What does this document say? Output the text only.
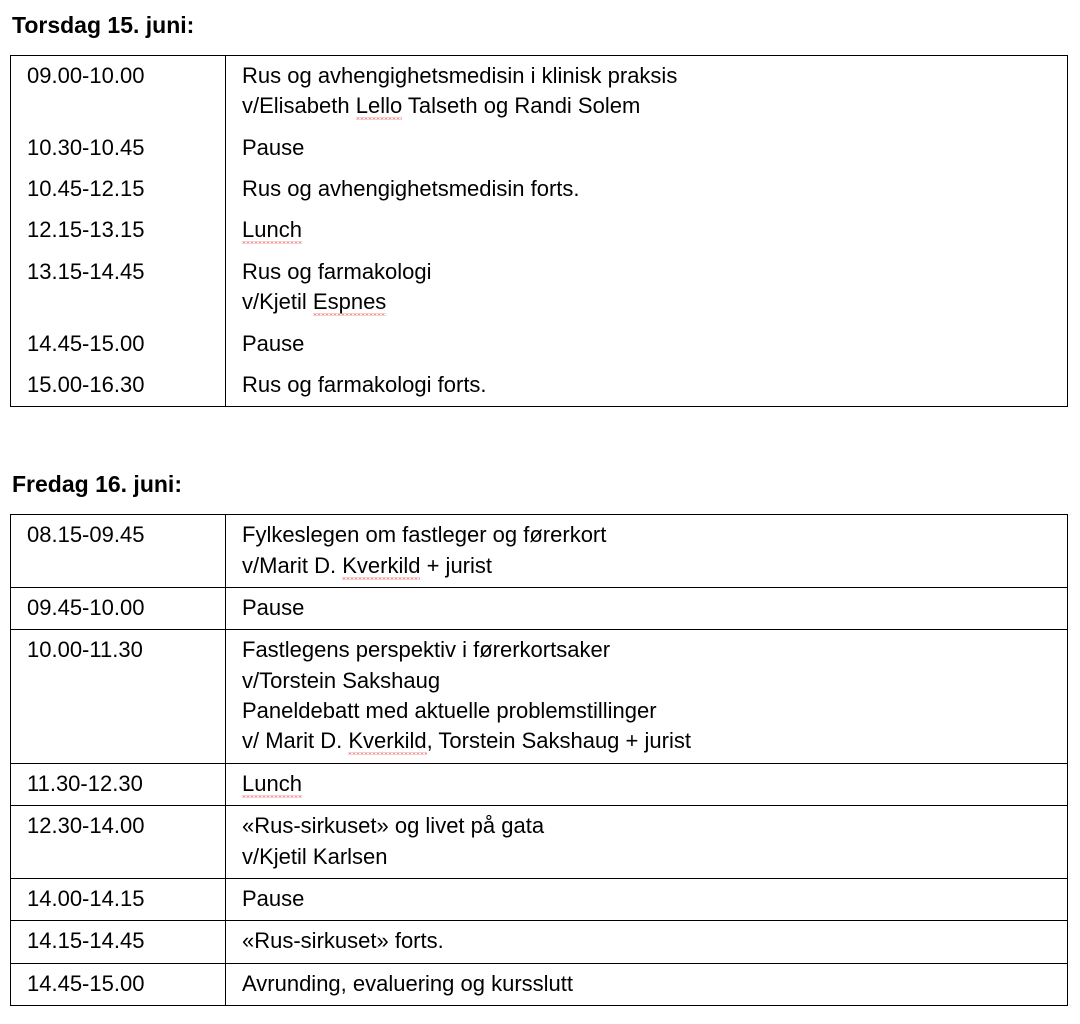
Torsdag 15. juni:
09.00-10.00	Rus og avhengighetsmedisin i klinisk praksis
v/Elisabeth Lello Talseth og Randi Solem

10.30-10.45	Pause

10.45-12.15	Rus og avhengighetsmedisin forts.

12.15-13.15	Lunch

13.15-14.45	Rus og farmakologi
v/Kjetil Espnes

14.45-15.00	Pause

15.00-16.30	Rus og farmakologi forts.
Fredag 16. juni:
08.15-09.45	Fylkeslegen om fastleger og førerkort
v/Marit D. Kverkild + jurist

09.45-10.00	Pause

10.00-11.30	Fastlegens perspektiv i førerkortsaker
v/Torstein Sakshaug
Paneldebatt med aktuelle problemstillinger
v/ Marit D. Kverkild, Torstein Sakshaug + jurist

11.30-12.30	Lunch

12.30-14.00	«Rus-sirkuset» og livet på gata
v/Kjetil Karlsen

14.00-14.15	Pause

14.15-14.45	«Rus-sirkuset» forts.

14.45-15.00	Avrunding, evaluering og kursslutt
